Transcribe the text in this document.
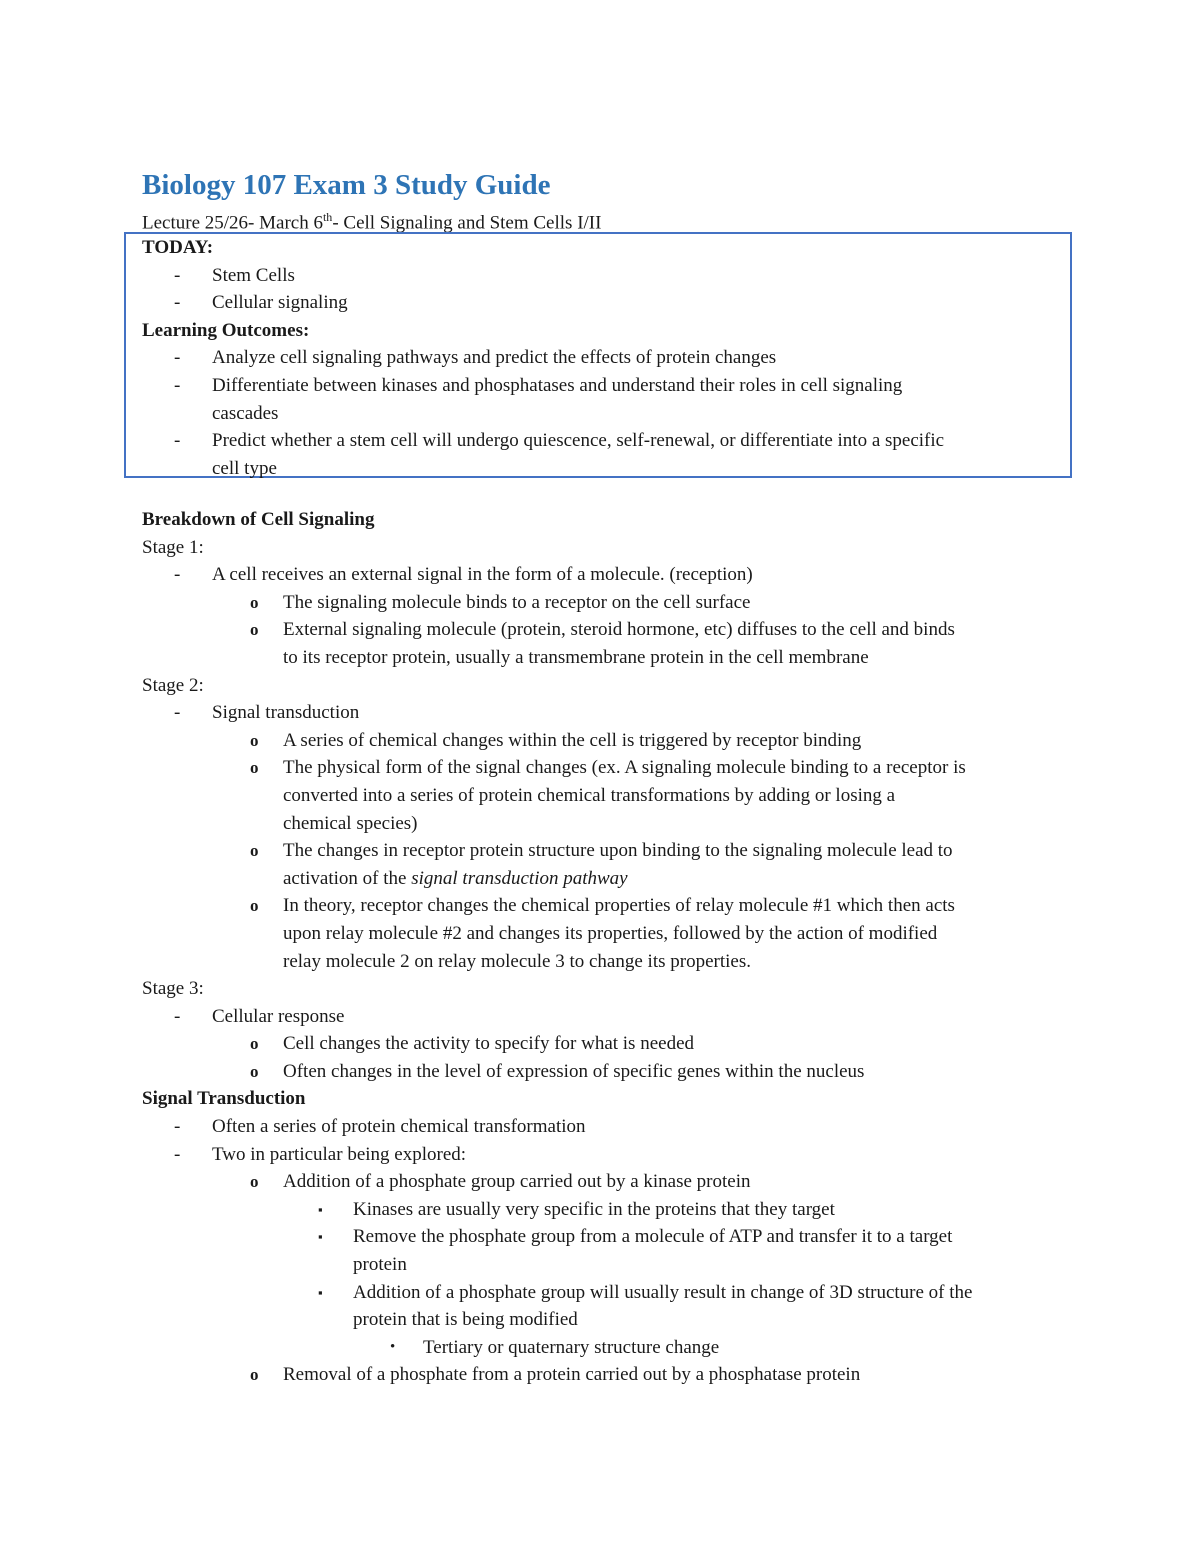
Biology 107 Exam 3 Study Guide

Lecture 25/26- March 6th- Cell Signaling and Stem Cells I/II

TODAY:
- Stem Cells
- Cellular signaling
Learning Outcomes:
- Analyze cell signaling pathways and predict the effects of protein changes
- Differentiate between kinases and phosphatases and understand their roles in cell signaling
cascades
- Predict whether a stem cell will undergo quiescence, self-renewal, or differentiate into a specific
cell type
Breakdown of Cell Signaling
Stage 1:
- A cell receives an external signal in the form of a molecule. (reception)
o The signaling molecule binds to a receptor on the cell surface
o External signaling molecule (protein, steroid hormone, etc) diffuses to the cell and binds
to its receptor protein, usually a transmembrane protein in the cell membrane
Stage 2:
- Signal transduction
o A series of chemical changes within the cell is triggered by receptor binding
o The physical form of the signal changes (ex. A signaling molecule binding to a receptor is
converted into a series of protein chemical transformations by adding or losing a
chemical species)
o The changes in receptor protein structure upon binding to the signaling molecule lead to
activation of the signal transduction pathway
o In theory, receptor changes the chemical properties of relay molecule #1 which then acts
upon relay molecule #2 and changes its properties, followed by the action of modified
relay molecule 2 on relay molecule 3 to change its properties.
Stage 3:
- Cellular response
o Cell changes the activity to specify for what is needed
o Often changes in the level of expression of specific genes within the nucleus
Signal Transduction
- Often a series of protein chemical transformation
- Two in particular being explored:
o Addition of a phosphate group carried out by a kinase protein
▪ Kinases are usually very specific in the proteins that they target
▪ Remove the phosphate group from a molecule of ATP and transfer it to a target
protein
▪ Addition of a phosphate group will usually result in change of 3D structure of the
protein that is being modified
• Tertiary or quaternary structure change
o Removal of a phosphate from a protein carried out by a phosphatase protein
